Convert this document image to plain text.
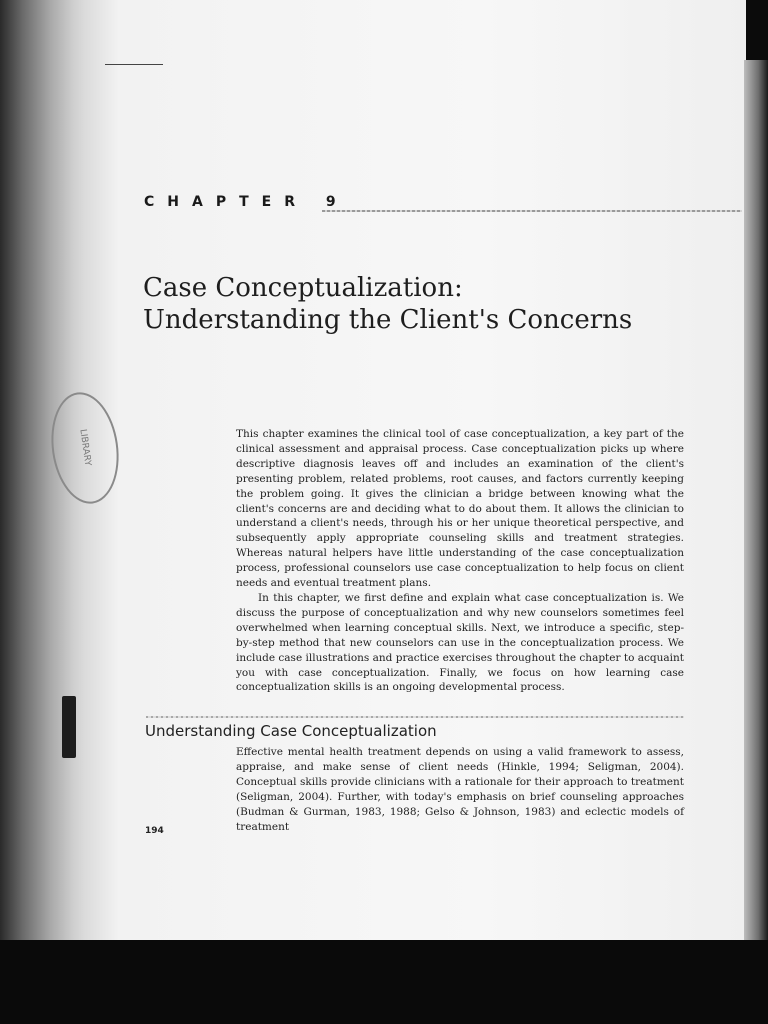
LIBRARY
CHAPTER 9
Case Conceptualization: Understanding the Client's Concerns

This chapter examines the clinical tool of case conceptualization, a key part of the clinical assessment and appraisal process. Case conceptualization picks up where descriptive diagnosis leaves off and includes an examination of the client's presenting problem, related problems, root causes, and factors currently keeping the problem going. It gives the clinician a bridge between knowing what the client's concerns are and deciding what to do about them. It allows the clinician to understand a client's needs, through his or her unique theoretical perspective, and subsequently apply appropriate counseling skills and treatment strategies. Whereas natural helpers have little understanding of the case conceptualization process, professional counselors use case conceptualization to help focus on client needs and eventual treatment plans.

In this chapter, we first define and explain what case conceptualization is. We discuss the purpose of conceptualization and why new counselors sometimes feel overwhelmed when learning conceptual skills. Next, we introduce a specific, step-by-step method that new counselors can use in the conceptualization process. We include case illustrations and practice exercises throughout the chapter to acquaint you with case conceptualization. Finally, we focus on how learning case conceptualization skills is an ongoing developmental process.

Understanding Case Conceptualization

Effective mental health treatment depends on using a valid framework to assess, appraise, and make sense of client needs (Hinkle, 1994; Seligman, 2004). Conceptual skills provide clinicians with a rationale for their approach to treatment (Seligman, 2004). Further, with today's emphasis on brief counseling approaches (Budman & Gurman, 1983, 1988; Gelso & Johnson, 1983) and eclectic models of treatment

194
